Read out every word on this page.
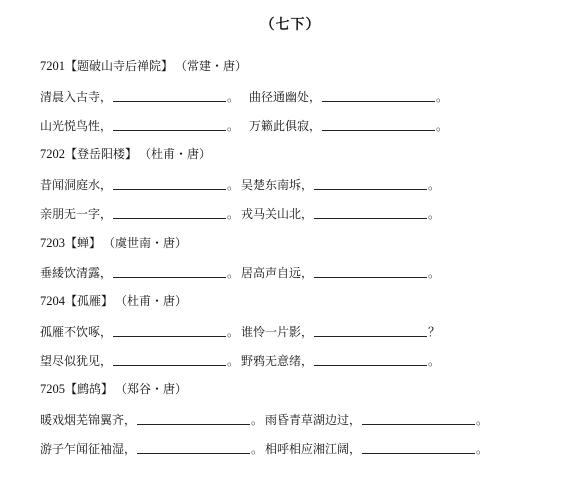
（七下）
7201【题破山寺后禅院】 （常建・唐）
清晨入古寺，	。 曲径通幽处，	。
山光悦鸟性，	。 万籁此俱寂，	。
7202【登岳阳楼】 （杜甫・唐）
昔闻洞庭水，	。 吴楚东南坼，	。
亲朋无一字，	。 戎马关山北，	。
7203【蝉】 （虞世南・唐）
垂緌饮清露，	。 居高声自远，	。
7204【孤雁】 （杜甫・唐）
孤雁不饮啄，	。 谁怜一片影，	？
望尽似犹见，	。 野鸦无意绪，	。
7205【鹧鸪】 （郑谷・唐）
暖戏烟芜锦翼齐，	。 雨昏青草湖边过，	。
游子乍闻征袖湿，	。 相呼相应湘江阔，	。
